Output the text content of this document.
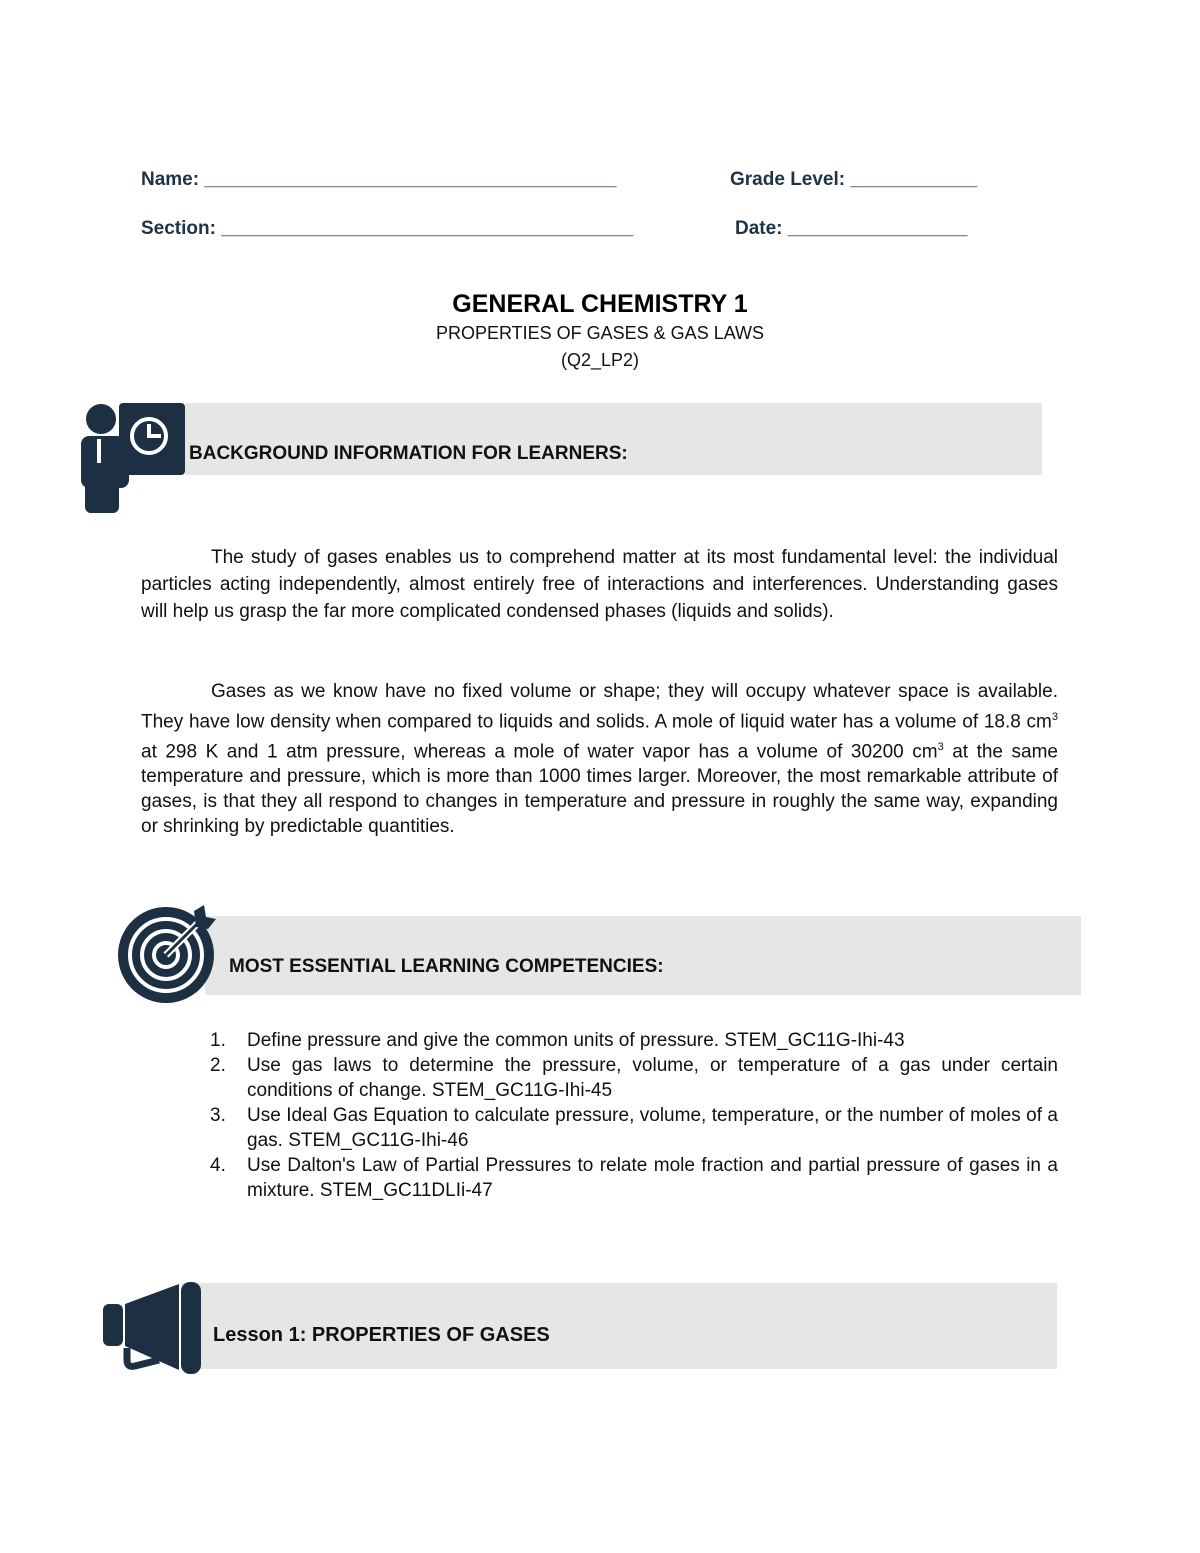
Name: _______________________________________	Grade Level: ____________
Section: _______________________________________	Date: _________________
GENERAL CHEMISTRY 1
PROPERTIES OF GASES & GAS LAWS
(Q2_LP2)
BACKGROUND INFORMATION FOR LEARNERS:
The study of gases enables us to comprehend matter at its most fundamental level: the individual particles acting independently, almost entirely free of interactions and interferences. Understanding gases will help us grasp the far more complicated condensed phases (liquids and solids).
Gases as we know have no fixed volume or shape; they will occupy whatever space is available. They have low density when compared to liquids and solids. A mole of liquid water has a volume of 18.8 $cm^3$ at 298 K and 1 atm pressure, whereas a mole of water vapor has a volume of 30200 $cm^3$ at the same temperature and pressure, which is more than 1000 times larger. Moreover, the most remarkable attribute of gases, is that they all respond to changes in temperature and pressure in roughly the same way, expanding or shrinking by predictable quantities.
MOST ESSENTIAL LEARNING COMPETENCIES:
1. Define pressure and give the common units of pressure. STEM_GC11G-Ihi-43
2. Use gas laws to determine the pressure, volume, or temperature of a gas under certain conditions of change. STEM_GC11G-Ihi-45
3. Use Ideal Gas Equation to calculate pressure, volume, temperature, or the number of moles of a gas. STEM_GC11G-Ihi-46
4. Use Dalton's Law of Partial Pressures to relate mole fraction and partial pressure of gases in a mixture. STEM_GC11DLIi-47
Lesson 1: PROPERTIES OF GASES
